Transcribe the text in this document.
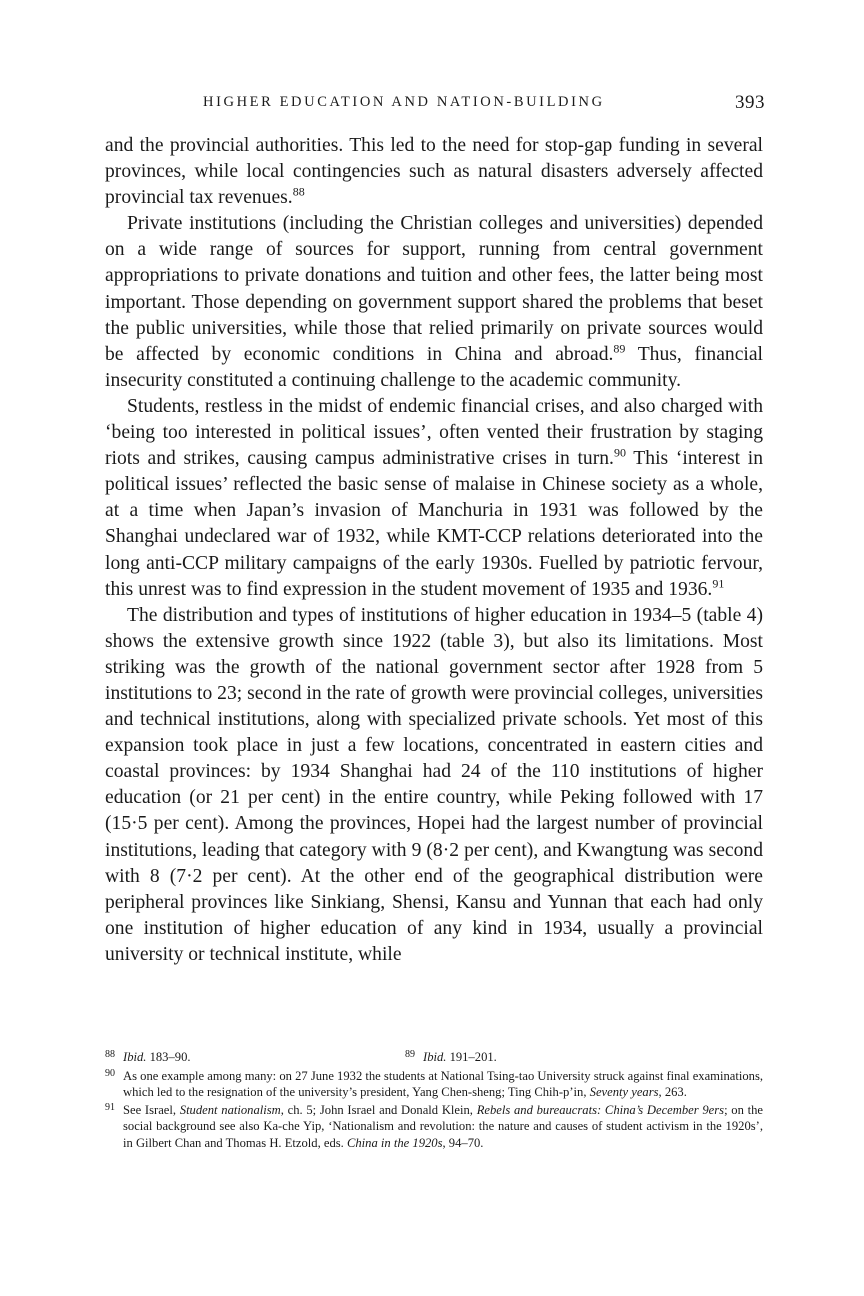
HIGHER EDUCATION AND NATION-BUILDING	393

and the provincial authorities. This led to the need for stop-gap funding in several provinces, while local contingencies such as natural disasters adversely affected provincial tax revenues.$^{88}$

Private institutions (including the Christian colleges and universities) depended on a wide range of sources for support, running from central government appropriations to private donations and tuition and other fees, the latter being most important. Those depending on government support shared the problems that beset the public universities, while those that relied primarily on private sources would be affected by economic conditions in China and abroad.$^{89}$ Thus, financial insecurity constituted a continuing challenge to the academic community.

Students, restless in the midst of endemic financial crises, and also charged with ‘being too interested in political issues’, often vented their frustration by staging riots and strikes, causing campus administrative crises in turn.$^{90}$ This ‘interest in political issues’ reflected the basic sense of malaise in Chinese society as a whole, at a time when Japan’s invasion of Manchuria in 1931 was followed by the Shanghai undeclared war of 1932, while KMT-CCP relations deteriorated into the long anti-CCP military campaigns of the early 1930s. Fuelled by patriotic fervour, this unrest was to find expression in the student movement of 1935 and 1936.91

The distribution and types of institutions of higher education in 1934–5 (table 4) shows the extensive growth since 1922 (table 3), but also its limitations. Most striking was the growth of the national government sector after 1928 from 5 institutions to 23; second in the rate of growth were provincial colleges, universities and technical institutions, along with specialized private schools. Yet most of this expansion took place in just a few locations, concentrated in eastern cities and coastal provinces: by 1934 Shanghai had 24 of the 110 institutions of higher education (or 21 per cent) in the entire country, while Peking followed with 17 (15·5 per cent). Among the provinces, Hopei had the largest number of provincial institutions, leading that category with 9 (8·2 per cent), and Kwangtung was second with 8 (7·2 per cent). At the other end of the geographical distribution were peripheral provinces like Sinkiang, Shensi, Kansu and Yunnan that each had only one institution of higher education of any kind in 1934, usually a provincial university or technical institute, while

88 Ibid. 183–90.	89 Ibid. 191–201.
90 As one example among many: on 27 June 1932 the students at National Tsing-tao University struck against final examinations, which led to the resignation of the university’s president, Yang Chen-sheng; Ting Chih-p’in, Seventy years, 263.
91 See Israel, Student nationalism, ch. 5; John Israel and Donald Klein, Rebels and bureaucrats: China’s December 9ers; on the social background see also Ka-che Yip, ‘Nationalism and revolution: the nature and causes of student activism in the 1920s’, in Gilbert Chan and Thomas H. Etzold, eds. China in the 1920s, 94–70.
